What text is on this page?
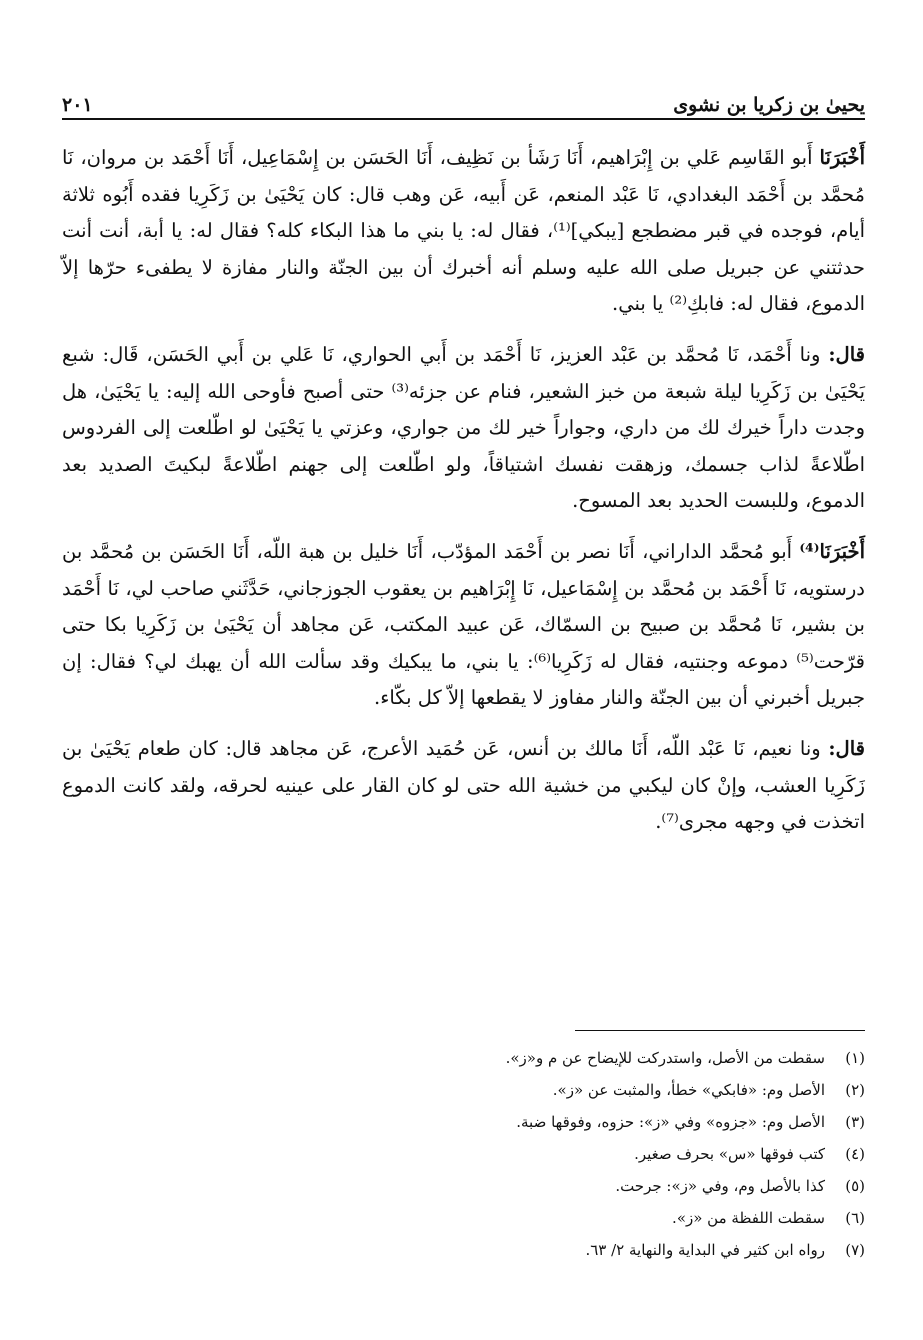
يحيىٰ بن زكريا بن نشوى
٢٠١

أَخْبَرَنَا أَبو القَاسِم عَلي بن إِبْرَاهيم، أَنَا رَشَأ بن نَظِيف، أَنَا الحَسَن بن إِسْمَاعِيل، أَنَا أَحْمَد بن مروان، نَا مُحمَّد بن أَحْمَد البغدادي، نَا عَبْد المنعم، عَن أَبيه، عَن وهب قال: كان يَحْيَىٰ بن زَكَرِيا فقده أَبُوه ثلاثة أيام، فوجده في قبر مضطجع [يبكي]⁽¹⁾، فقال له: يا بني ما هذا البكاء كله؟ فقال له: يا أبة، أنت أنت حدثتني عن جبريل صلى الله عليه وسلم أنه أخبرك أن بين الجنّة والنار مفازة لا يطفىء حرّها إلاّ الدموع، فقال له: فابكِ⁽²⁾ يا بني.

قال: ونا أَحْمَد، نَا مُحمَّد بن عَبْد العزيز، نَا أَحْمَد بن أَبي الحواري، نَا عَلي بن أَبي الحَسَن، قَال: شبع يَحْيَىٰ بن زَكَرِيا ليلة شبعة من خبز الشعير، فنام عن جزئه⁽³⁾ حتى أصبح فأوحى الله إليه: يا يَحْيَىٰ، هل وجدت داراً خيرك لك من داري، وجواراً خير لك من جواري، وعزتي يا يَحْيَىٰ لو اطّلعت إلى الفردوس اطّلاعةً لذاب جسمك، وزهقت نفسك اشتياقاً، ولو اطّلعت إلى جهنم اطّلاعةً لبكيتَ الصديد بعد الدموع، وللبست الحديد بعد المسوح.

أَخْبَرَنَا⁽⁴⁾ أَبو مُحمَّد الداراني، أَنَا نصر بن أَحْمَد المؤدّب، أَنَا خليل بن هبة اللّه، أَنَا الحَسَن بن مُحمَّد بن درستويه، نَا أَحْمَد بن مُحمَّد بن إِسْمَاعيل، نَا إِبْرَاهيم بن يعقوب الجوزجاني، حَدَّثَني صاحب لي، نَا أَحْمَد بن بشير، نَا مُحمَّد بن صبيح بن السمّاك، عَن عبيد المكتب، عَن مجاهد أن يَحْيَىٰ بن زَكَرِيا بكا حتى قرّحت⁽⁵⁾ دموعه وجنتيه، فقال له زَكَرِيا⁽⁶⁾: يا بني، ما يبكيك وقد سألت الله أن يهبك لي؟ فقال: إن جبريل أخبرني أن بين الجنّة والنار مفاوز لا يقطعها إلاّ كل بكّاء.

قال: ونا نعيم، نَا عَبْد اللّه، أَنَا مالك بن أنس، عَن حُمَيد الأعرج، عَن مجاهد قال: كان طعام يَحْيَىٰ بن زَكَرِيا العشب، وإنْ كان ليكبي من خشية الله حتى لو كان القار على عينيه لحرقه، ولقد كانت الدموع اتخذت في وجهه مجرى⁽⁷⁾.

(١)سقطت من الأصل، واستدركت للإيضاح عن م و«ز».
(٢)الأصل وم: «فابكي» خطأ، والمثبت عن «ز».
(٣)الأصل وم: «جزوه» وفي «ز»: حزوه، وفوقها ضبة.
(٤)كتب فوقها «س» بحرف صغير.
(٥)كذا بالأصل وم، وفي «ز»: جرحت.
(٦)سقطت اللفظة من «ز».
(٧)رواه ابن كثير في البداية والنهاية ٢/ ٦٣.
